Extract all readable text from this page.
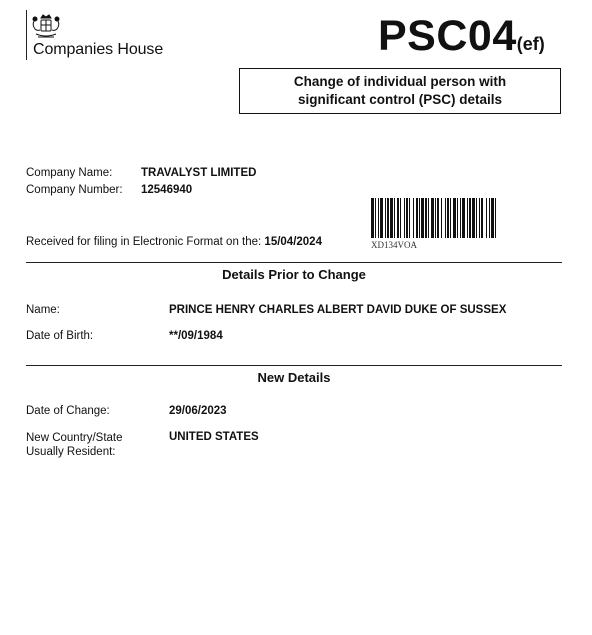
Companies House	PSC04(ef)
Change of individual person with
significant control (PSC) details
Company Name: TRAVALYST LIMITED
Company Number: 12546940
XD134VOA
Received for filing in Electronic Format on the: 15/04/2024
Details Prior to Change
Name:	PRINCE HENRY CHARLES ALBERT DAVID DUKE OF SUSSEX
Date of Birth:	**/09/1984
New Details
Date of Change:	29/06/2023
New Country/State
Usually Resident:
UNITED STATES
